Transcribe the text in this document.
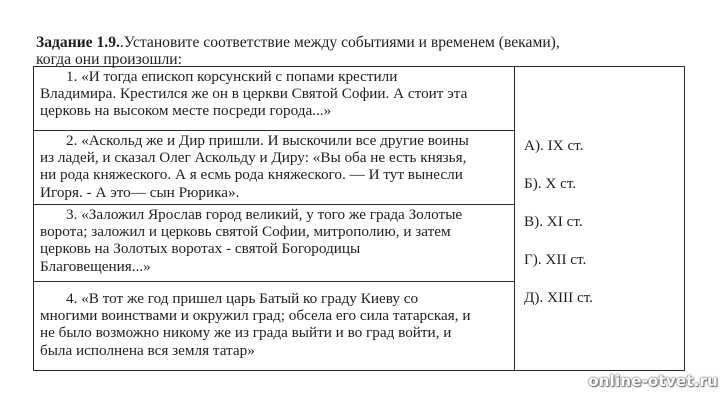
Задание 1.9..Установите соответствие между событиями и временем (веками),
когда они произошли:
1. «И тогда епископ корсунский с попами крестили
Владимира. Крестился же он в церкви Святой Софии. А стоит эта
церковь на высоком месте посреди города...»
2. «Аскольд же и Дир пришли. И выскочили все другие воины
из ладей, и сказал Олег Аскольду и Диру: «Вы оба не есть князья,
ни рода княжеского. А я есмь рода княжеского. — И тут вынесли
Игоря. - А это— сын Рюрика».
3. «Заложил Ярослав город великий, у того же града Золотые
ворота; заложил и церковь святой Софии, митрополию, и затем
церковь на Золотых воротах - святой Богородицы
Благовещения...»
4. «В тот же год пришел царь Батый ко граду Киеву со
многими воинствами и окружил град; обсела его сила татарская, и
не было возможно никому же из града выйти и во град войти, и
была исполнена вся земля татар»
А). IX ст.
Б). X ст.
В). XI ст.
Г). XII ст.
Д). XIII ст.
online-otvet.ru
